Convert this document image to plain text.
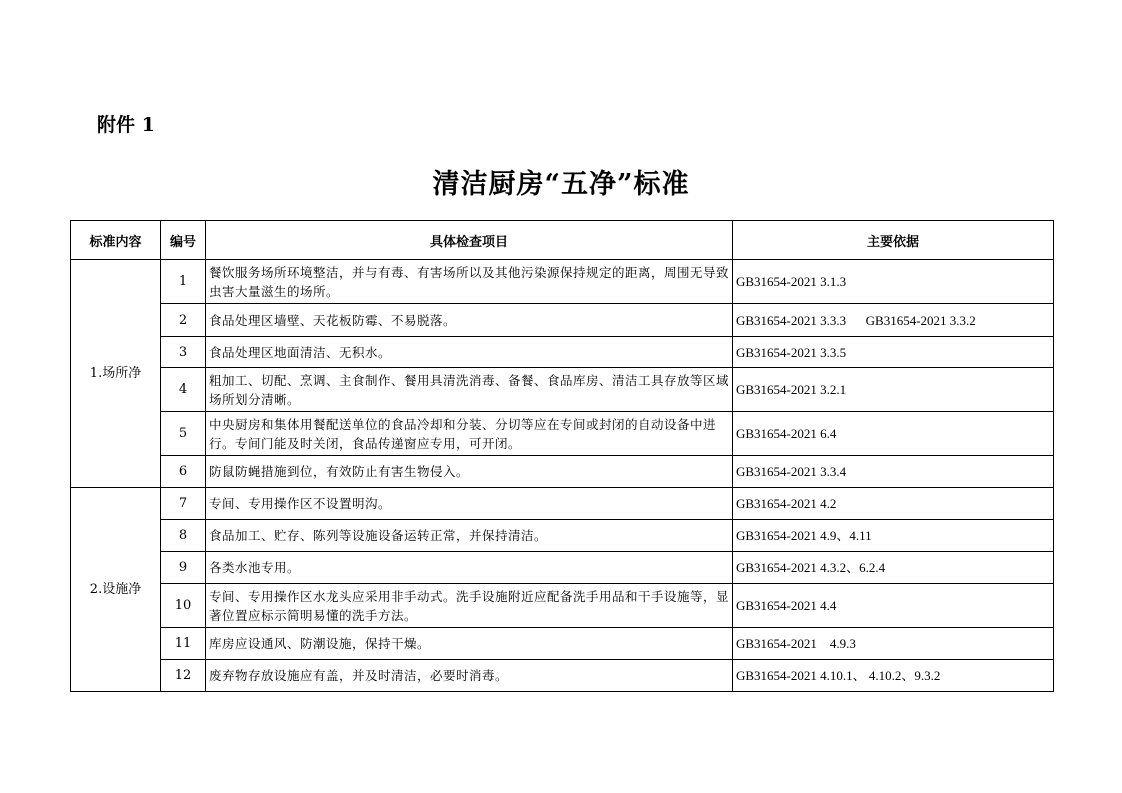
附件 1
清洁厨房“五净”标准
标准内容	编号	具体检查项目	主要依据
1.场所净	1	餐饮服务场所环境整洁，并与有毒、有害场所以及其他污染源保持规定的距离，周围无导致虫害大量滋生的场所。	GB31654-2021 3.1.3
	2	食品处理区墙壁、天花板防霉、不易脱落。	GB31654-2021 3.3.3      GB31654-2021 3.3.2
	3	食品处理区地面清洁、无积水。	GB31654-2021 3.3.5
	4	粗加工、切配、烹调、主食制作、餐用具清洗消毒、备餐、食品库房、清洁工具存放等区域场所划分清晰。	GB31654-2021 3.2.1
	5	中央厨房和集体用餐配送单位的食品冷却和分装、分切等应在专间或封闭的自动设备中进行。专间门能及时关闭，食品传递窗应专用，可开闭。	GB31654-2021 6.4
	6	防鼠防蝇措施到位，有效防止有害生物侵入。	GB31654-2021 3.3.4
2.设施净	7	专间、专用操作区不设置明沟。	GB31654-2021 4.2
	8	食品加工、贮存、陈列等设施设备运转正常，并保持清洁。	GB31654-2021 4.9、4.11
	9	各类水池专用。	GB31654-2021 4.3.2、6.2.4
	10	专间、专用操作区水龙头应采用非手动式。洗手设施附近应配备洗手用品和干手设施等，显著位置应标示简明易懂的洗手方法。	GB31654-2021 4.4
	11	库房应设通风、防潮设施，保持干燥。	GB31654-2021    4.9.3
	12	废弃物存放设施应有盖，并及时清洁，必要时消毒。	GB31654-2021 4.10.1、 4.10.2、9.3.2
